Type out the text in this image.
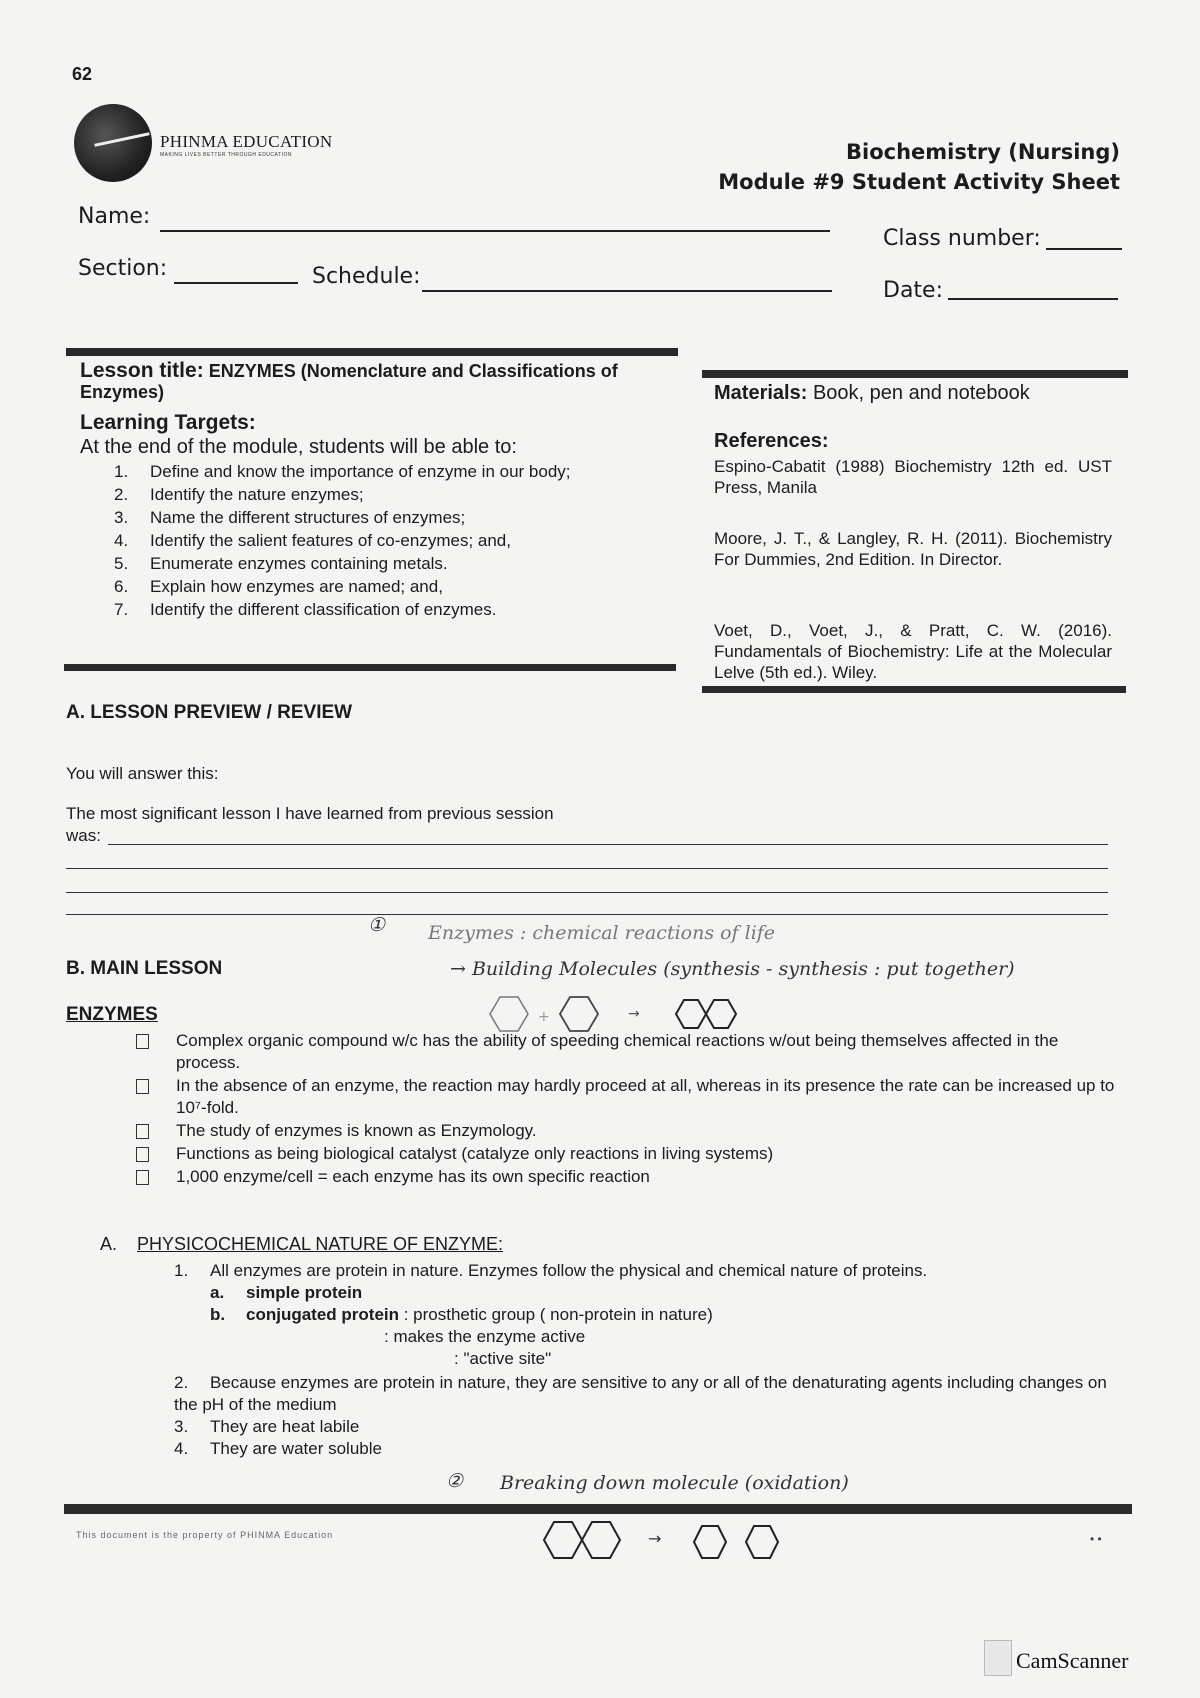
62
PHINMA EDUCATION
MAKING LIVES BETTER THROUGH EDUCATION	Biochemistry (Nursing)
Module #9 Student Activity Sheet
Name:
Class number:
Section:	Schedule:
Date:
Lesson title: ENZYMES (Nomenclature and Classifications of Enzymes)
Learning Targets:
At the end of the module, students will be able to:
1. Define and know the importance of enzyme in our body;
2. Identify the nature enzymes;
3. Name the different structures of enzymes;
4. Identify the salient features of co-enzymes; and,
5. Enumerate enzymes containing metals.
6. Explain how enzymes are named; and,
7. Identify the different classification of enzymes.
Materials: Book, pen and notebook
References:
Espino-Cabatit (1988) Biochemistry 12th ed. UST Press, Manila
Moore, J. T., & Langley, R. H. (2011). Biochemistry For Dummies, 2nd Edition. In Director.
Voet, D., Voet, J., & Pratt, C. W. (2016). Fundamentals of Biochemistry: Life at the Molecular Lelve (5th ed.). Wiley.
A. LESSON PREVIEW / REVIEW
You will answer this:
The most significant lesson I have learned from previous session
was:
① Enzymes : chemical reactions of life
→ Building Molecules (synthesis - synthesis : put together)
+	→
B. MAIN LESSON
ENZYMES
Complex organic compound w/c has the ability of speeding chemical reactions w/out being themselves affected in the process.
In the absence of an enzyme, the reaction may hardly proceed at all, whereas in its presence the rate can be increased up to 10⁷-fold.
The study of enzymes is known as Enzymology.
Functions as being biological catalyst (catalyze only reactions in living systems)
1,000 enzyme/cell = each enzyme has its own specific reaction
A. PHYSICOCHEMICAL NATURE OF ENZYME:
1. All enzymes are protein in nature. Enzymes follow the physical and chemical nature of proteins.
a. simple protein
b. conjugated protein : prosthetic group ( non-protein in nature)
: makes the enzyme active
: "active site"
2. Because enzymes are protein in nature, they are sensitive to any or all of the denaturating agents including changes on the pH of the medium
3. They are heat labile
4. They are water soluble
② Breaking down molecule (oxidation)
This document is the property of PHINMA Education	• •
→
CamScanner
